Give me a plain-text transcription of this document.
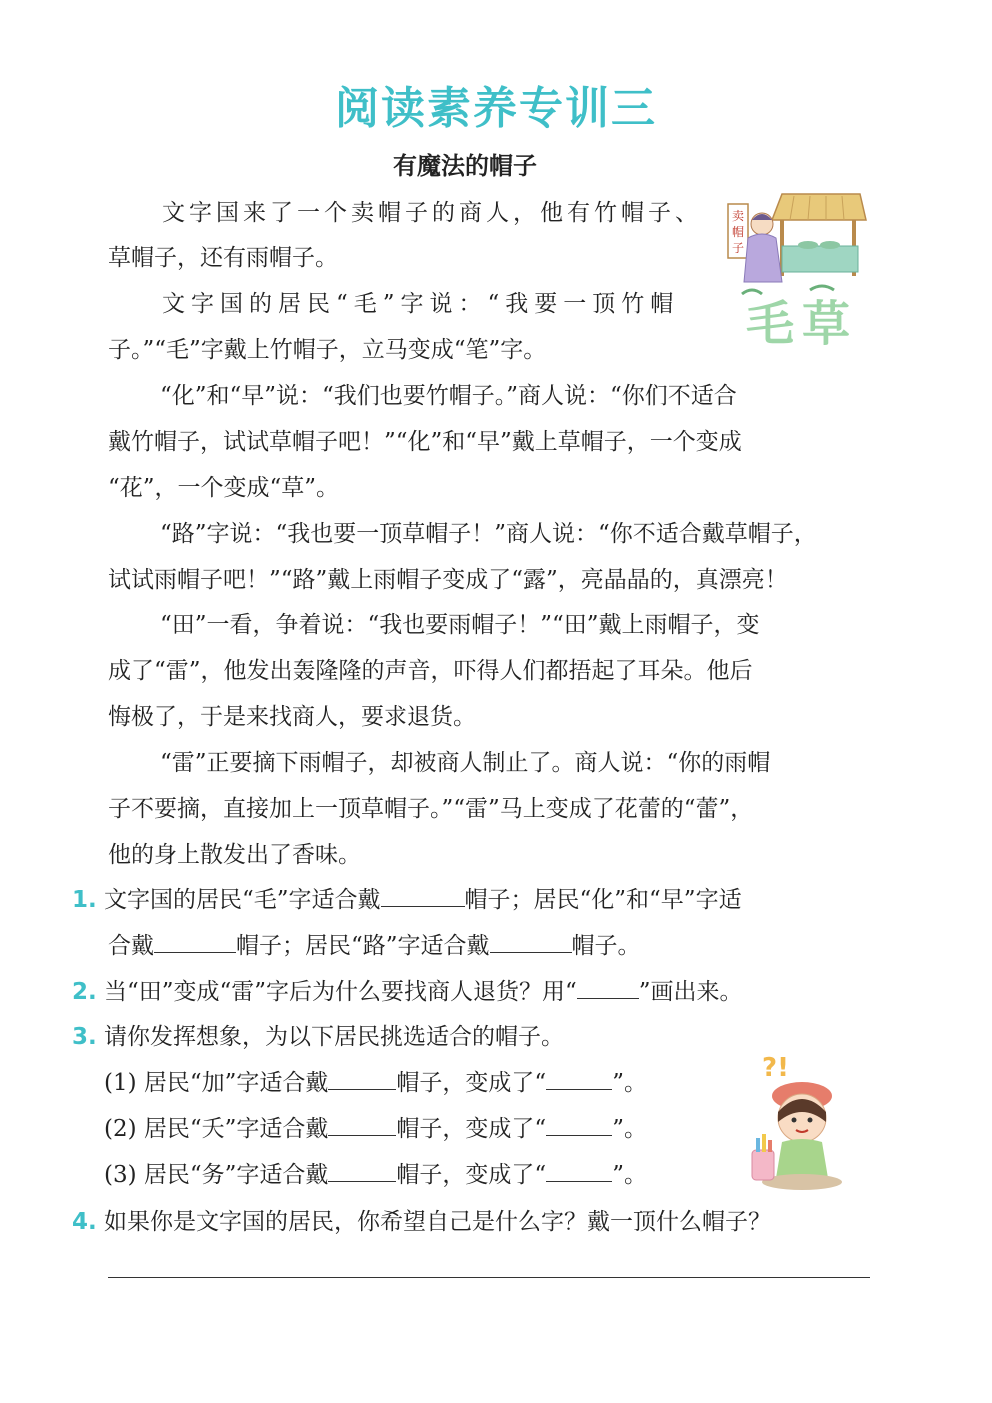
阅读素养专训三
有魔法的帽子
文字国来了一个卖帽子的商人，他有竹帽子、
草帽子，还有雨帽子。
文字国的居民“毛”字说：“我要一顶竹帽
子。”“毛”字戴上竹帽子，立马变成“笔”字。
“化”和“早”说：“我们也要竹帽子。”商人说：“你们不适合
戴竹帽子，试试草帽子吧！”“化”和“早”戴上草帽子，一个变成
“花”，一个变成“草”。
“路”字说：“我也要一顶草帽子！”商人说：“你不适合戴草帽子，
试试雨帽子吧！”“路”戴上雨帽子变成了“露”，亮晶晶的，真漂亮！
“田”一看，争着说：“我也要雨帽子！”“田”戴上雨帽子，变
成了“雷”，他发出轰隆隆的声音，吓得人们都捂起了耳朵。他后
悔极了，于是来找商人，要求退货。
“雷”正要摘下雨帽子，却被商人制止了。商人说：“你的雨帽
子不要摘，直接加上一顶草帽子。”“雷”马上变成了花蕾的“蕾”，
他的身上散发出了香味。
卖
帽
子
毛 草
1. 文字国的居民“毛”字适合戴	帽子；居民“化”和“早”字适
合戴	帽子；居民“路”字适合戴	帽子。
2. 当“田”变成“雷”字后为什么要找商人退货？用“	”画出来。
3. 请你发挥想象，为以下居民挑选适合的帽子。
(1) 居民“加”字适合戴	帽子，变成了“	”。
(2) 居民“夭”字适合戴	帽子，变成了“	”。
(3) 居民“务”字适合戴	帽子，变成了“	”。
?!
4. 如果你是文字国的居民，你希望自己是什么字？戴一顶什么帽子？
